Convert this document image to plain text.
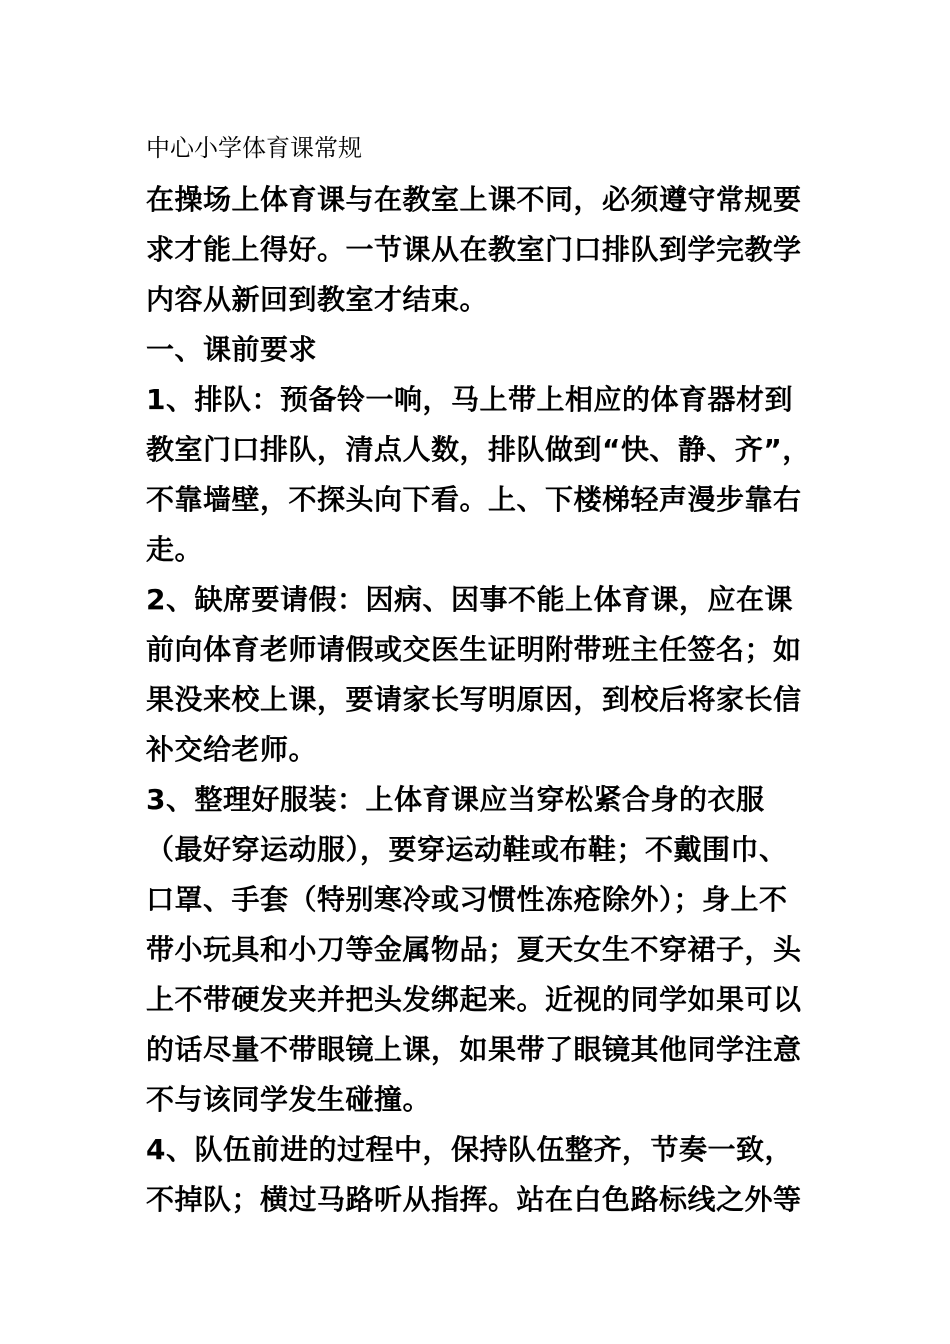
中心小学体育课常规
在操场上体育课与在教室上课不同，必须遵守常规要
求才能上得好。一节课从在教室门口排队到学完教学
内容从新回到教室才结束。
一、课前要求
1、排队：预备铃一响，马上带上相应的体育器材到
教室门口排队，清点人数，排队做到“快、静、齐”，
不靠墙壁，不探头向下看。上、下楼梯轻声漫步靠右
走。
2、缺席要请假：因病、因事不能上体育课，应在课
前向体育老师请假或交医生证明附带班主任签名；如
果没来校上课，要请家长写明原因，到校后将家长信
补交给老师。
3、整理好服装：上体育课应当穿松紧合身的衣服
（最好穿运动服），要穿运动鞋或布鞋；不戴围巾、
口罩、手套（特别寒冷或习惯性冻疮除外）；身上不
带小玩具和小刀等金属物品；夏天女生不穿裙子，头
上不带硬发夹并把头发绑起来。近视的同学如果可以
的话尽量不带眼镜上课，如果带了眼镜其他同学注意
不与该同学发生碰撞。
4、队伍前进的过程中，保持队伍整齐，节奏一致，
不掉队；横过马路听从指挥。站在白色路标线之外等
